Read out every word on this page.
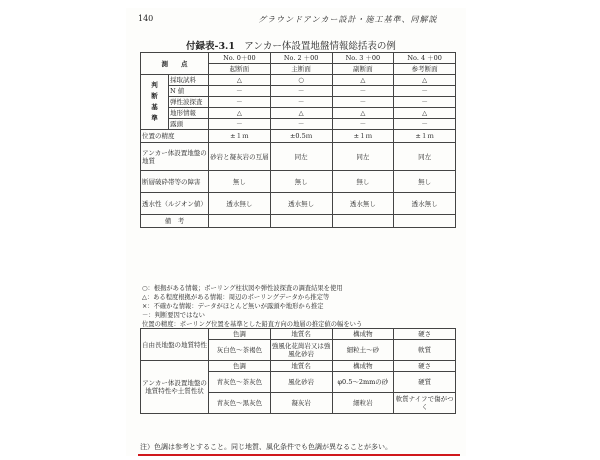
140	グラウンドアンカー設計・施工基準、同解説
付録表-3.1 アンカー体設置地盤情報総括表の例
測　　点		No. 0＋00	No. 2 ＋00	No. 3 ＋00	No. 4 ＋00
		起断面	主断面	副断面	参考断面
判断基準	採取試料	△	○	△	△
	N 値	－	－	－	－
	弾性波探査	－	－	－	－
	地形情報	△	△	△	△
	露頭	－	－	－	－
位置の精度		±１ｍ	±0.5ｍ	±１ｍ	±１ｍ
アンカー体設置地盤の地質		砂岩と凝灰岩の互層	同左	同左	同左
断層破砕帯等の障害		無し	無し	無し	無し
透水性（ルジオン値）		透水無し	透水無し	透水無し	透水無し
備　考					
○：根拠がある情報；ボーリング柱状図や弾性波探査の調査結果を使用
△：ある程度根拠がある情報：周辺のボーリングデータから推定等
×：不確かな情報：データがほとんど無いが露頭や地形から推定
－：判断要因ではない
位置の精度：ボーリング位置を基準とした鉛直方向の地層の推定値の幅をいう
自由長地盤の地質特性	色調	地質名	構成物	硬さ
	灰白色～茶褐色	強風化花崗岩又は強風化砂岩	細粒土～砂	軟質
アンカー体設置地盤の地質特性や土質性状	色調	地質名	構成物	硬さ
	青灰色～茶灰色	風化砂岩	φ0.5～2mmの砂	硬質
	青灰色～黒灰色	凝灰岩	細粒岩	軟質ナイフで傷がつく
注）色調は参考とすること。同じ地質、風化条件でも色調が異なることが多い。
